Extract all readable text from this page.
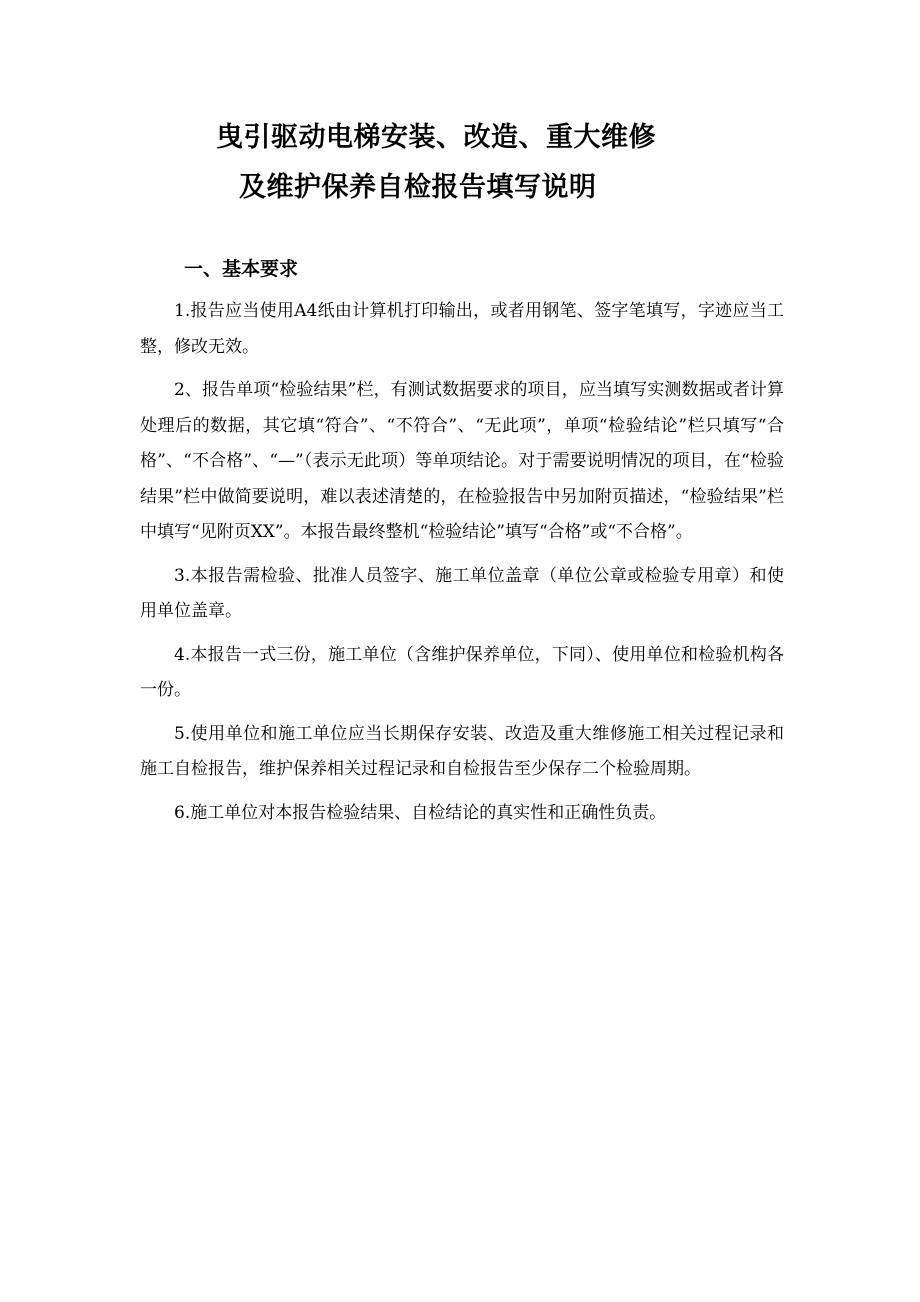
曳引驱动电梯安装、改造、重大维修
及维护保养自检报告填写说明
一、基本要求

1.报告应当使用A4纸由计算机打印输出，或者用钢笔、签字笔填写，字迹应当工整，修改无效。

2、报告单项“检验结果”栏，有测试数据要求的项目，应当填写实测数据或者计算处理后的数据，其它填“符合”、“不符合”、“无此项”，单项“检验结论”栏只填写“合格”、“不合格”、“—”（表示无此项）等单项结论。对于需要说明情况的项目，在“检验结果”栏中做简要说明，难以表述清楚的，在检验报告中另加附页描述，“检验结果”栏中填写“见附页XX”。本报告最终整机“检验结论”填写“合格”或“不合格”。

3.本报告需检验、批准人员签字、施工单位盖章（单位公章或检验专用章）和使用单位盖章。

4.本报告一式三份，施工单位（含维护保养单位，下同）、使用单位和检验机构各一份。

5.使用单位和施工单位应当长期保存安装、改造及重大维修施工相关过程记录和施工自检报告，维护保养相关过程记录和自检报告至少保存二个检验周期。

6.施工单位对本报告检验结果、自检结论的真实性和正确性负责。
